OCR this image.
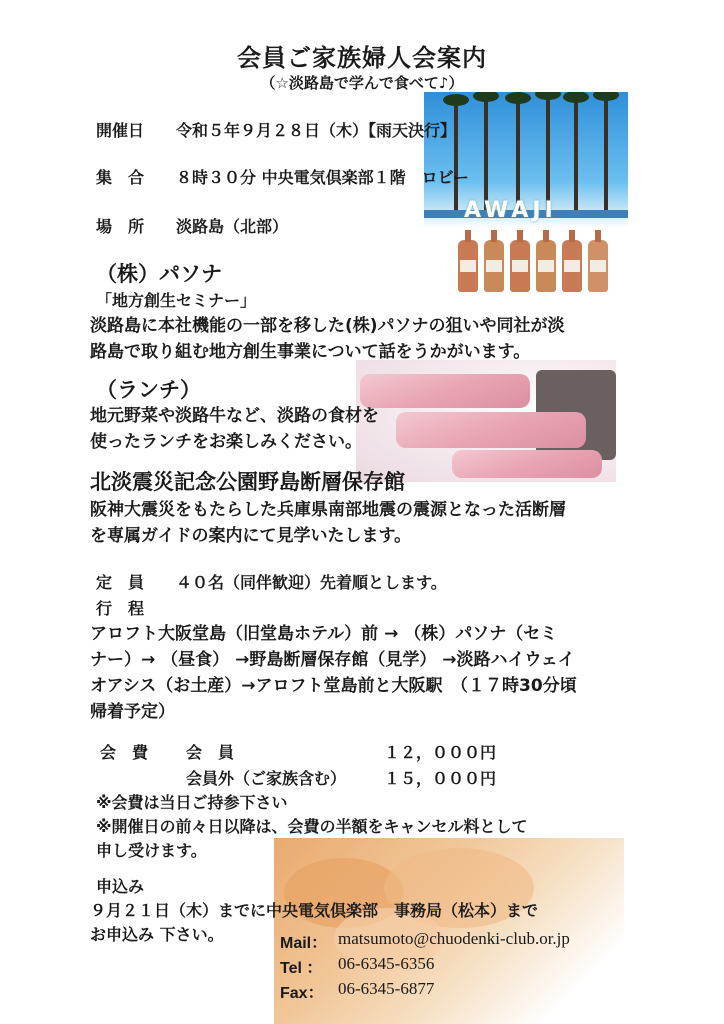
AWAJI
会員ご家族婦人会案内
（☆淡路島で学んで食べて♪）
開催日 令和５年９月２８日（木）【雨天決行】
集　合 ８時３０分 中央電気倶楽部１階　ロビー
場　所 淡路島（北部）
（株）パソナ
「地方創生セミナー」
淡路島に本社機能の一部を移した(株)パソナの狙いや同社が淡
路島で取り組む地方創生事業について話をうかがいます。
（ランチ）
地元野菜や淡路牛など、淡路の食材を
使ったランチをお楽しみください。
北淡震災記念公園野島断層保存館
阪神大震災をもたらした兵庫県南部地震の震源となった活断層
を専属ガイドの案内にて見学いたします。
定　員 ４０名（同伴歓迎）先着順とします。
行　程
アロフト大阪堂島（旧堂島ホテル）前 → （株）パソナ（セミ
ナー）→ （昼食） →野島断層保存館（見学） →淡路ハイウェイ
オアシス（お土産）→アロフト堂島前と大阪駅　（１７時30分頃
帰着予定）
会　費 会　員	１２，０００円
会員外（ご家族含む） １５，０００円
※会費は当日ご持参下さい
※開催日の前々日以降は、会費の半額をキャンセル料として
申し受けます。
申込み
９月２１日（木）までに中央電気倶楽部　事務局（松本）まで
お申込み 下さい。	Mail： matsumoto@chuodenki-club.or.jp
Tel ： 06-6345-6356
Fax： 06-6345-6877
